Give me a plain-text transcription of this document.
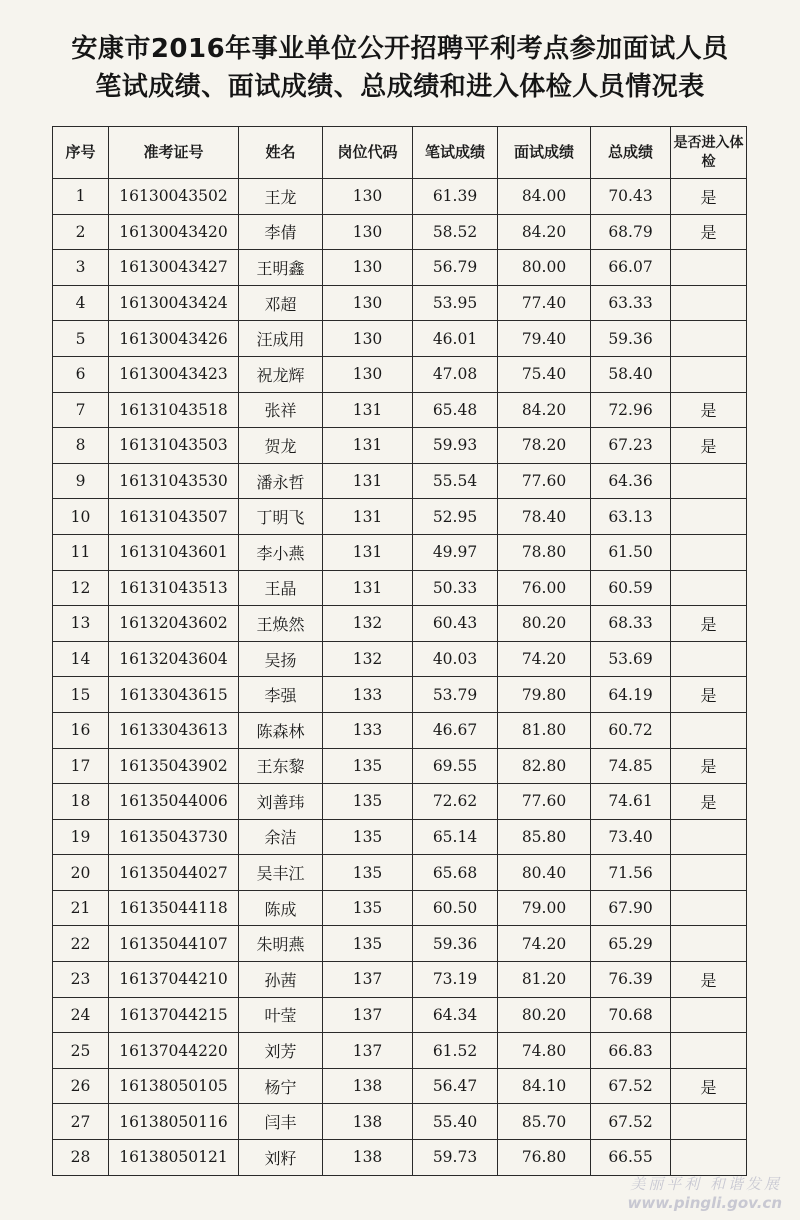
安康市2016年事业单位公开招聘平利考点参加面试人员
笔试成绩、面试成绩、总成绩和进入体检人员情况表
序号	准考证号	姓名	岗位代码	笔试成绩	面试成绩	总成绩	是否进入体检
1	16130043502	王龙	130	61.39	84.00	70.43	是
2	16130043420	李倩	130	58.52	84.20	68.79	是
3	16130043427	王明鑫	130	56.79	80.00	66.07	
4	16130043424	邓超	130	53.95	77.40	63.33	
5	16130043426	汪成用	130	46.01	79.40	59.36	
6	16130043423	祝龙辉	130	47.08	75.40	58.40	
7	16131043518	张祥	131	65.48	84.20	72.96	是
8	16131043503	贺龙	131	59.93	78.20	67.23	是
9	16131043530	潘永哲	131	55.54	77.60	64.36	
10	16131043507	丁明飞	131	52.95	78.40	63.13	
11	16131043601	李小燕	131	49.97	78.80	61.50	
12	16131043513	王晶	131	50.33	76.00	60.59	
13	16132043602	王焕然	132	60.43	80.20	68.33	是
14	16132043604	吴扬	132	40.03	74.20	53.69	
15	16133043615	李强	133	53.79	79.80	64.19	是
16	16133043613	陈森林	133	46.67	81.80	60.72	
17	16135043902	王东黎	135	69.55	82.80	74.85	是
18	16135044006	刘善玮	135	72.62	77.60	74.61	是
19	16135043730	余洁	135	65.14	85.80	73.40	
20	16135044027	吴丰江	135	65.68	80.40	71.56	
21	16135044118	陈成	135	60.50	79.00	67.90	
22	16135044107	朱明燕	135	59.36	74.20	65.29	
23	16137044210	孙茜	137	73.19	81.20	76.39	是
24	16137044215	叶莹	137	64.34	80.20	70.68	
25	16137044220	刘芳	137	61.52	74.80	66.83	
26	16138050105	杨宁	138	56.47	84.10	67.52	是
27	16138050116	闫丰	138	55.40	85.70	67.52	
28	16138050121	刘籽	138	59.73	76.80	66.55	
美丽平利 和谐发展
www.pingli.gov.cn
